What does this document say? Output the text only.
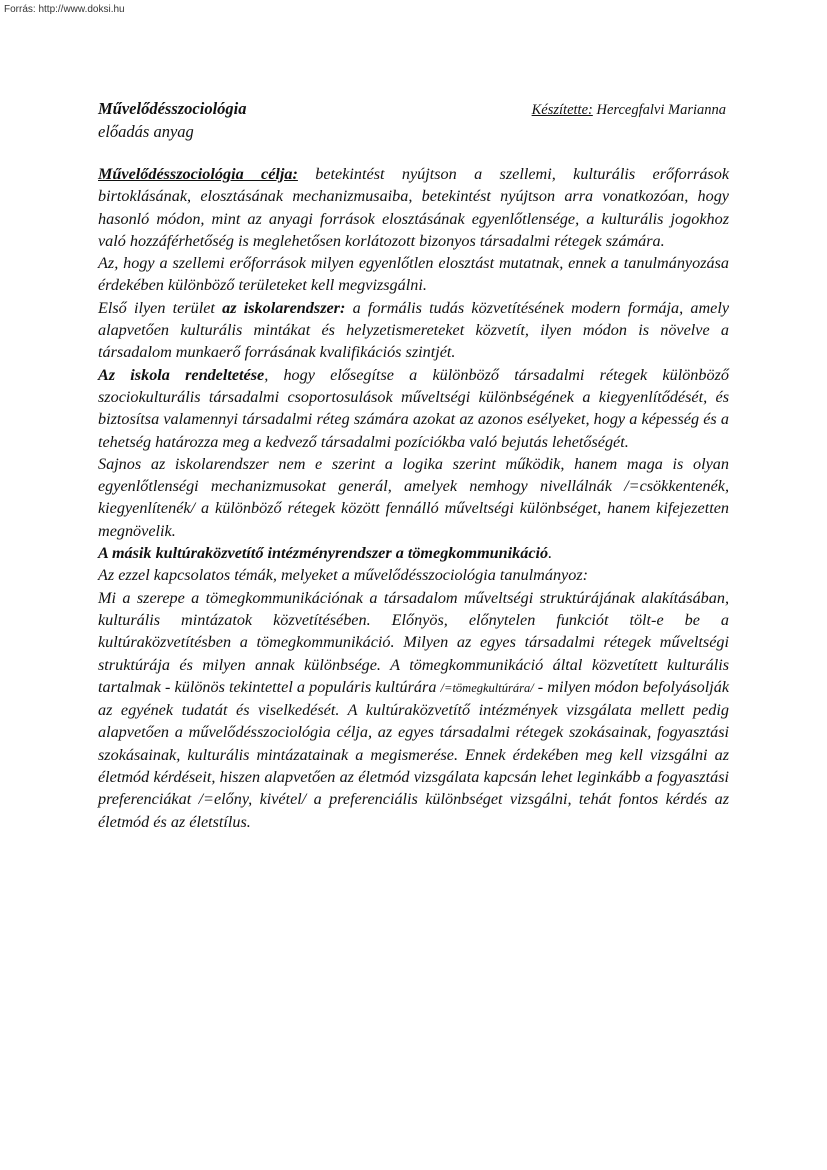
Forrás: http://www.doksi.hu
Művelődésszociológia	Készítette: Hercegfalvi Marianna
előadás anyag

Művelődésszociológia célja: betekintést nyújtson a szellemi, kulturális erőforrások birtoklásának, elosztásának mechanizmusaiba, betekintést nyújtson arra vonatkozóan, hogy hasonló módon, mint az anyagi források elosztásának egyenlőtlensége, a kulturális jogokhoz való hozzáférhetőség is meglehetősen korlátozott bizonyos társadalmi rétegek számára.

Az, hogy a szellemi erőforrások milyen egyenlőtlen elosztást mutatnak, ennek a tanulmányozása érdekében különböző területeket kell megvizsgálni.

Első ilyen terület az iskolarendszer: a formális tudás közvetítésének modern formája, amely alapvetően kulturális mintákat és helyzetismereteket közvetít, ilyen módon is növelve a társadalom munkaerő forrásának kvalifikációs szintjét.

Az iskola rendeltetése, hogy elősegítse a különböző társadalmi rétegek különböző szociokulturális társadalmi csoportosulások műveltségi különbségének a kiegyenlítődését, és biztosítsa valamennyi társadalmi réteg számára azokat az azonos esélyeket, hogy a képesség és a tehetség határozza meg a kedvező társadalmi pozíciókba való bejutás lehetőségét.

Sajnos az iskolarendszer nem e szerint a logika szerint működik, hanem maga is olyan egyenlőtlenségi mechanizmusokat generál, amelyek nemhogy nivellálnák /=csökkentenék, kiegyenlítenék/ a különböző rétegek között fennálló műveltségi különbséget, hanem kifejezetten megnövelik.

A másik kultúraközvetítő intézményrendszer a tömegkommunikáció.

Az ezzel kapcsolatos témák, melyeket a művelődésszociológia tanulmányoz:

Mi a szerepe a tömegkommunikációnak a társadalom műveltségi struktúrájának alakításában, kulturális mintázatok közvetítésében. Előnyös, előnytelen funkciót tölt-e be a kultúraközvetítésben a tömegkommunikáció. Milyen az egyes társadalmi rétegek műveltségi struktúrája és milyen annak különbsége. A tömegkommunikáció által közvetített kulturális tartalmak - különös tekintettel a populáris kultúrára /=tömegkultúrára/ - milyen módon befolyásolják az egyének tudatát és viselkedését. A kultúraközvetítő intézmények vizsgálata mellett pedig alapvetően a művelődésszociológia célja, az egyes társadalmi rétegek szokásainak, fogyasztási szokásainak, kulturális mintázatainak a megismerése. Ennek érdekében meg kell vizsgálni az életmód kérdéseit, hiszen alapvetően az életmód vizsgálata kapcsán lehet leginkább a fogyasztási preferenciákat /=előny, kivétel/ a preferenciális különbséget vizsgálni, tehát fontos kérdés az életmód és az életstílus.
